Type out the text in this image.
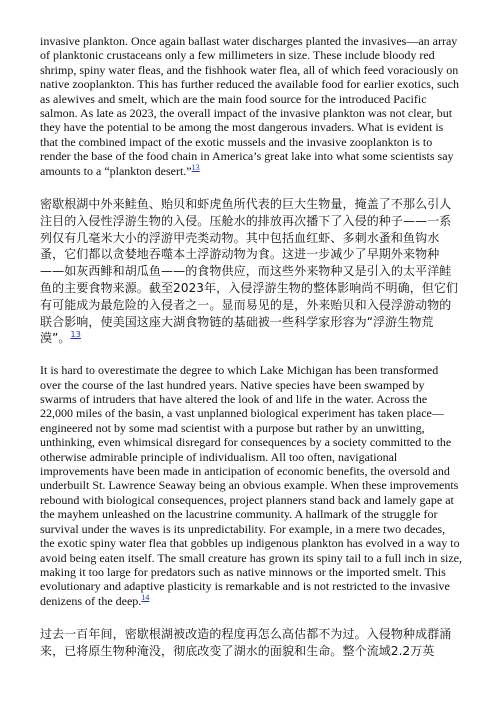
invasive plankton. Once again ballast water discharges planted the invasives—an array of planktonic crustaceans only a few millimeters in size. These include bloody red shrimp, spiny water fleas, and the fishhook water flea, all of which feed voraciously on native zooplankton. This has further reduced the available food for earlier exotics, such as alewives and smelt, which are the main food source for the introduced Pacific salmon. As late as 2023, the overall impact of the invasive plankton was not clear, but they have the potential to be among the most dangerous invaders. What is evident is that the combined impact of the exotic mussels and the invasive zooplankton is to render the base of the food chain in America’s great lake into what some scientists say amounts to a “plankton desert.”$^{13}$

密歇根湖中外来鲑鱼、贻贝和虾虎鱼所代表的巨大生物量，掩盖了不那么引人注目的入侵性浮游生物的入侵。压舱水的排放再次播下了入侵的种子——一系列仅有几毫米大小的浮游甲壳类动物。其中包括血红虾、多刺水蚤和鱼钩水蚤，它们都以贪婪地吞噬本土浮游动物为食。这进一步减少了早期外来物种——如灰西鲱和胡瓜鱼——的食物供应，而这些外来物种又是引入的太平洋鲑鱼的主要食物来源。截至2023年，入侵浮游生物的整体影响尚不明确，但它们有可能成为最危险的入侵者之一。显而易见的是，外来贻贝和入侵浮游动物的联合影响，使美国这座大湖食物链的基础被一些科学家形容为“浮游生物荒漠”。$^{13}$

It is hard to overestimate the degree to which Lake Michigan has been transformed over the course of the last hundred years. Native species have been swamped by swarms of intruders that have altered the look of and life in the water. Across the 22,000 miles of the basin, a vast unplanned biological experiment has taken place—engineered not by some mad scientist with a purpose but rather by an unwitting, unthinking, even whimsical disregard for consequences by a society committed to the otherwise admirable principle of individualism. All too often, navigational improvements have been made in anticipation of economic benefits, the oversold and underbuilt St. Lawrence Seaway being an obvious example. When these improvements rebound with biological consequences, project planners stand back and lamely gape at the mayhem unleashed on the lacustrine community. A hallmark of the struggle for survival under the waves is its unpredictability. For example, in a mere two decades, the exotic spiny water flea that gobbles up indigenous plankton has evolved in a way to avoid being eaten itself. The small creature has grown its spiny tail to a full inch in size, making it too large for predators such as native minnows or the imported smelt. This evolutionary and adaptive plasticity is remarkable and is not restricted to the invasive denizens of the deep.$^{14}$

过去一百年间，密歇根湖被改造的程度再怎么高估都不为过。入侵物种成群涌来，已将原生物种淹没，彻底改变了湖水的面貌和生命。整个流域2.2万英
